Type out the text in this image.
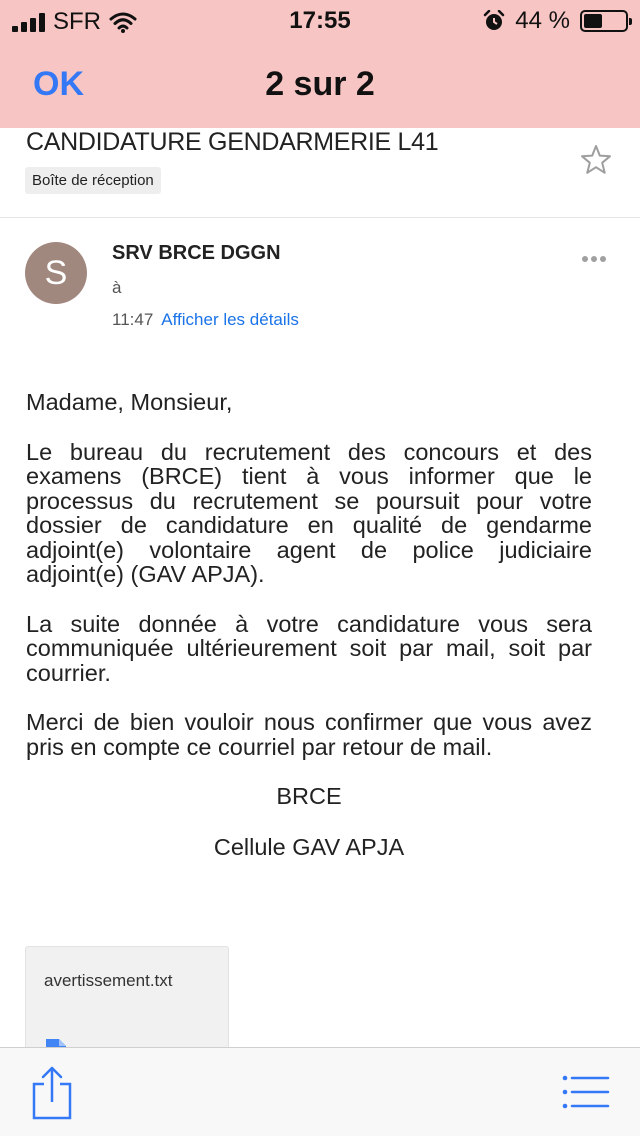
SFR	17:55	44 %
OK	2 sur 2
CANDIDATURE GENDARMERIE L41
Boîte de réception
S
SRV BRCE DGGN
à
11:47 Afficher les détails

Madame, Monsieur,

Le bureau du recrutement des concours et des examens (BRCE) tient à vous informer que le processus du recrutement se poursuit pour votre dossier de candidature en qualité de gendarme adjoint(e) volontaire agent de police judiciaire adjoint(e) (GAV APJA).

La suite donnée à votre candidature vous sera communiquée ultérieurement soit par mail, soit par courrier.

Merci de bien vouloir nous confirmer que vous avez pris en compte ce courriel par retour de mail.

BRCE

Cellule GAV APJA

avertissement.txt
